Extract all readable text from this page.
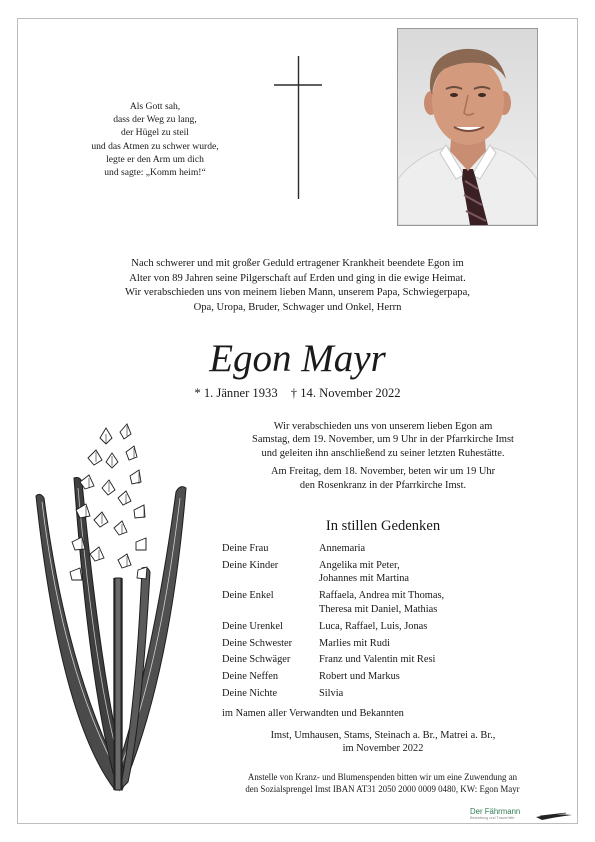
Als Gott sah,
dass der Weg zu lang,
der Hügel zu steil
und das Atmen zu schwer wurde,
legte er den Arm um dich
und sagte: „Komm heim!“
Nach schwerer und mit großer Geduld ertragener Krankheit beendete Egon im
Alter von 89 Jahren seine Pilgerschaft auf Erden und ging in die ewige Heimat.
Wir verabschieden uns von meinem lieben Mann, unserem Papa, Schwiegerpapa,
Opa, Uropa, Bruder, Schwager und Onkel, Herrn
Egon Mayr
* 1. Jänner 1933 † 14. November 2022

Wir verabschieden uns von unserem lieben Egon am
Samstag, dem 19. November, um 9 Uhr in der Pfarrkirche Imst
und geleiten ihn anschließend zu seiner letzten Ruhestätte.

Am Freitag, dem 18. November, beten wir um 19 Uhr
den Rosenkranz in der Pfarrkirche Imst.

In stillen Gedenken
Deine Frau	Annemaria
Deine Kinder	Angelika mit Peter,
Johannes mit Martina
Deine Enkel	Raffaela, Andrea mit Thomas,
Theresa mit Daniel, Mathias
Deine Urenkel	Luca, Raffael, Luis, Jonas
Deine Schwester	Marlies mit Rudi
Deine Schwäger	Franz und Valentin mit Resi
Deine Neffen	Robert und Markus
Deine Nichte	Silvia
im Namen aller Verwandten und Bekannten
Imst, Umhausen, Stams, Steinach a. Br., Matrei a. Br.,
im November 2022
Anstelle von Kranz- und Blumenspenden bitten wir um eine Zuwendung an
den Sozialsprengel Imst IBAN AT31 2050 2000 0009 0480, KW: Egon Mayr
Der Fährmann
Bestattung und Trauerhilfe
